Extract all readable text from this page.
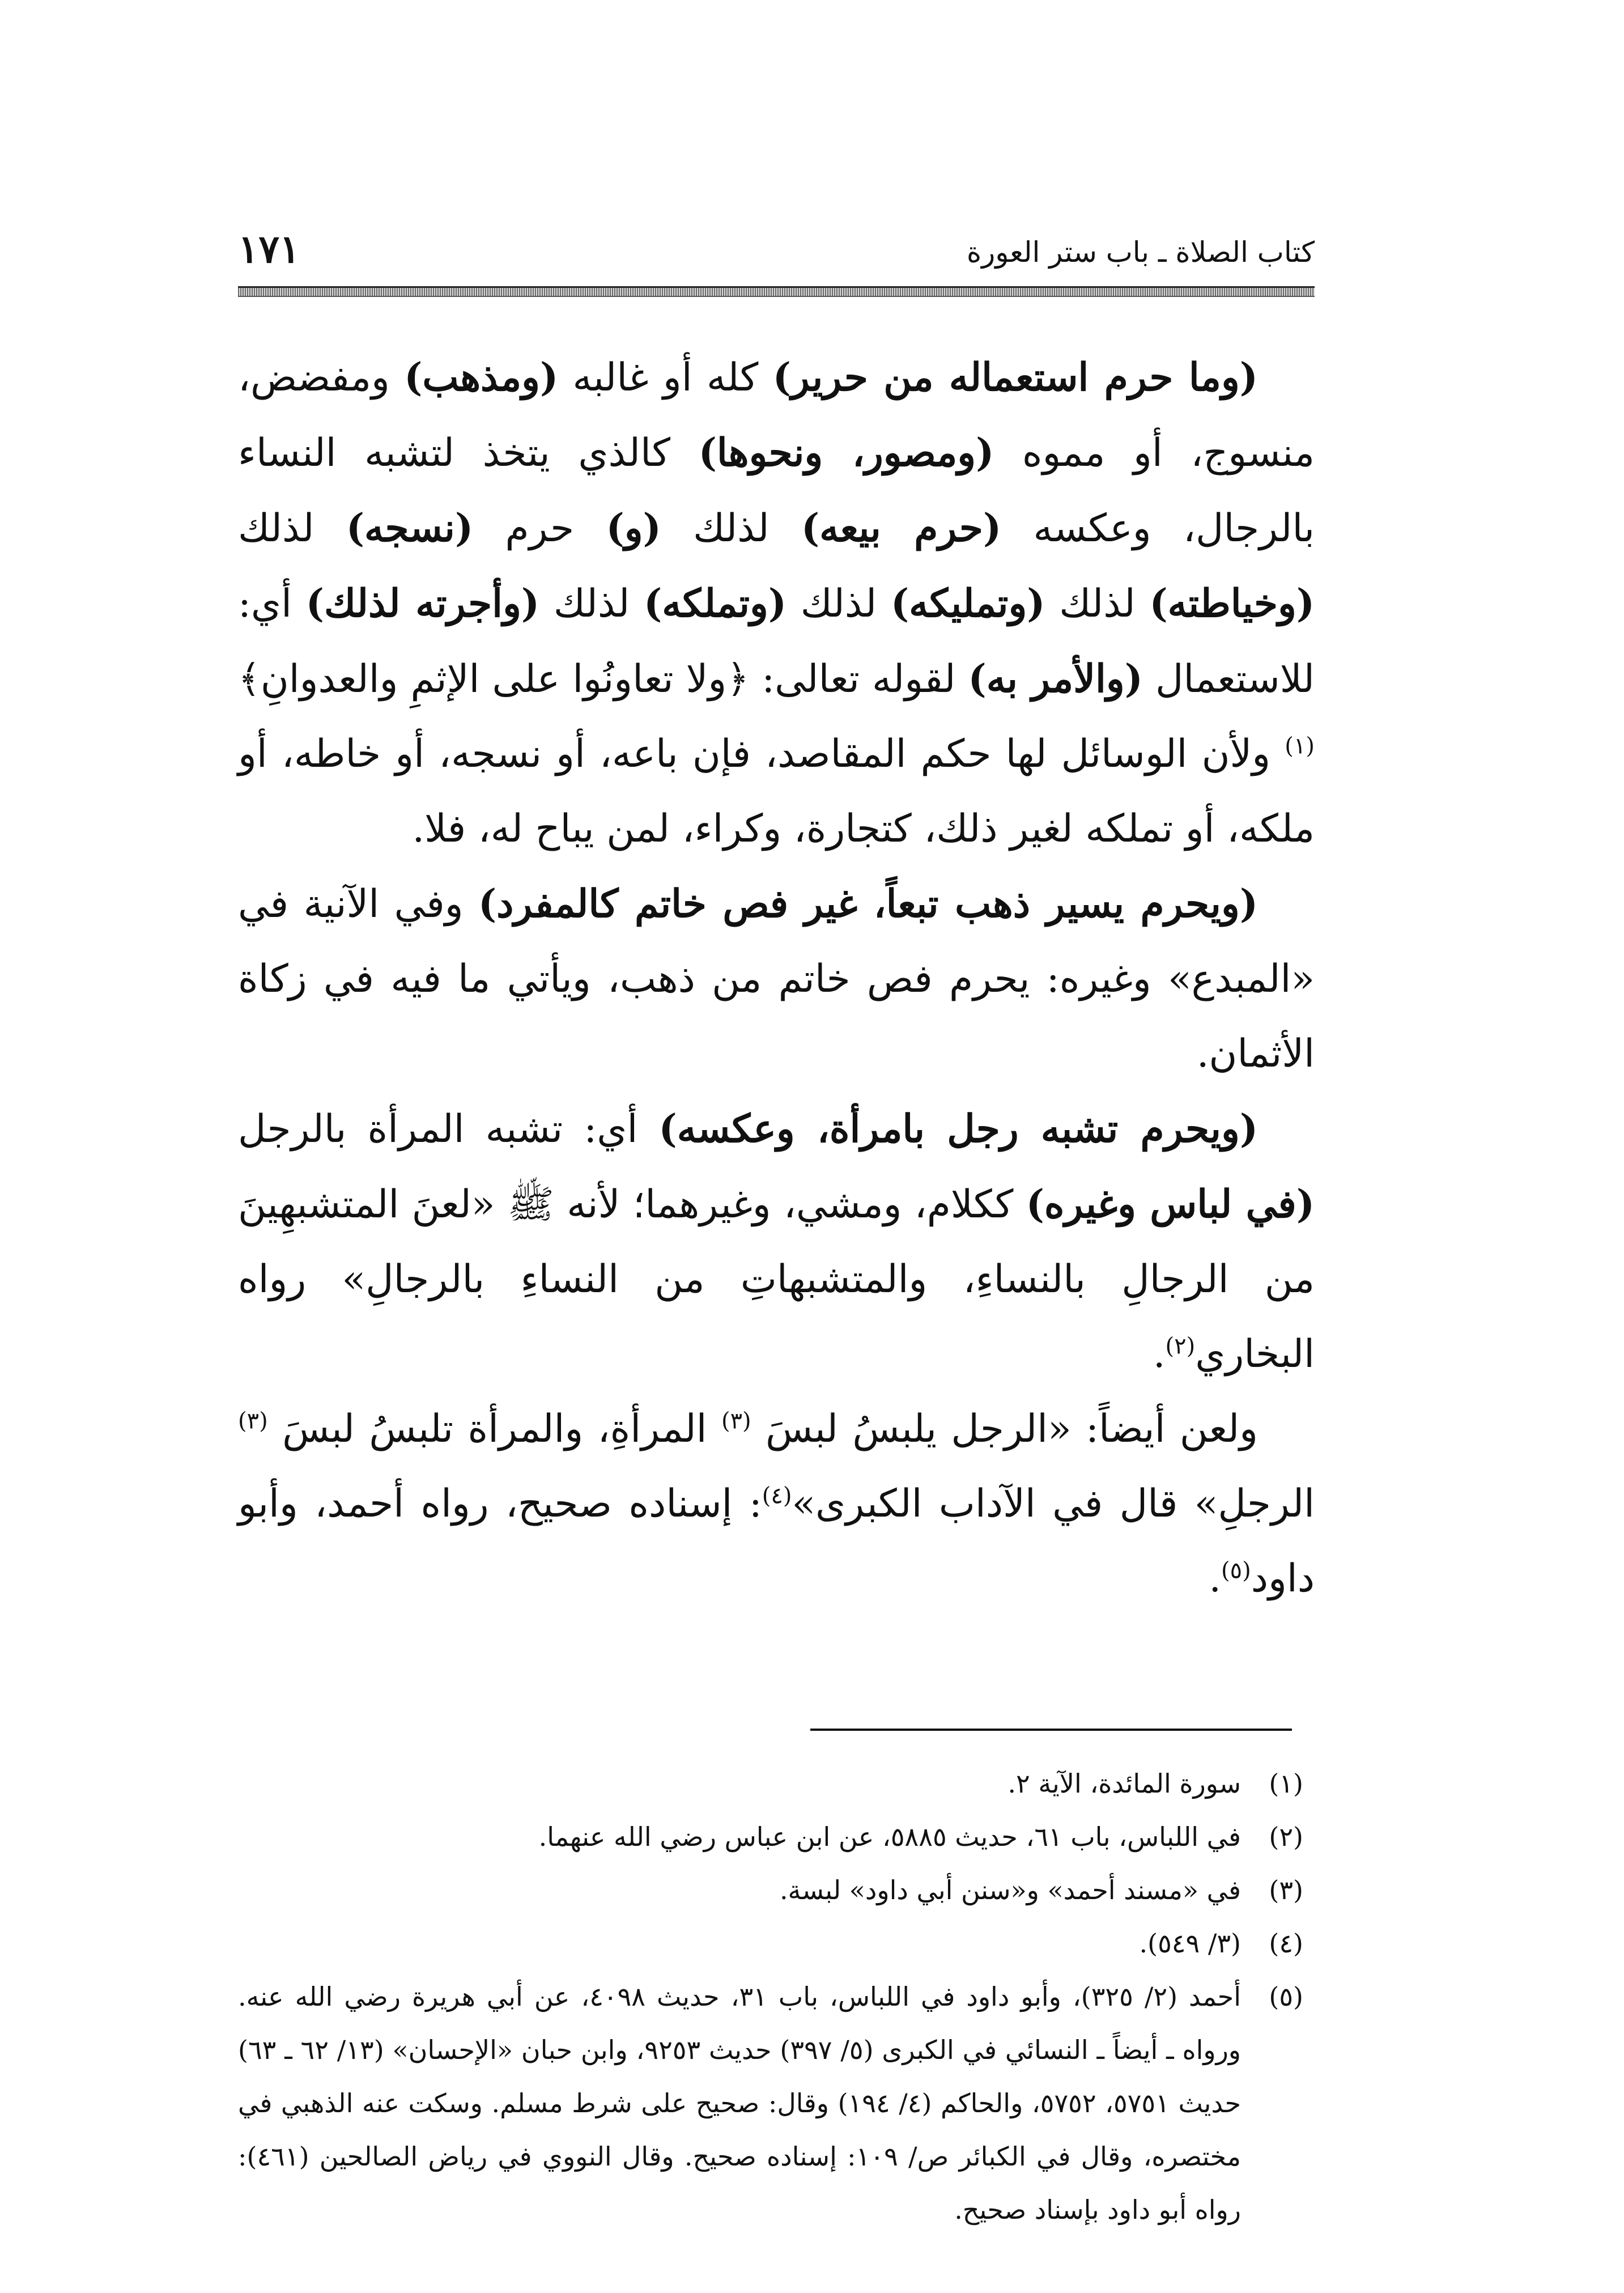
كتاب الصلاة ـ باب ستر العورة
١٧١

(وما حرم استعماله من حرير) كله أو غالبه (ومذهب) ومفضض، منسوج، أو مموه (ومصور، ونحوها) كالذي يتخذ لتشبه النساء بالرجال، وعكسه (حرم بيعه) لذلك (و) حرم (نسجه) لذلك (وخياطته) لذلك (وتمليكه) لذلك (وتملكه) لذلك (وأجرته لذلك) أي: للاستعمال (والأمر به) لقوله تعالى: ﴿ولا تعاونُوا على الإثمِ والعدوانِ﴾$^{(١)}$ ولأن الوسائل لها حكم المقاصد، فإن باعه، أو نسجه، أو خاطه، أو ملكه، أو تملكه لغير ذلك، كتجارة، وكراء، لمن يباح له، فلا.

(ويحرم يسير ذهب تبعاً، غير فص خاتم كالمفرد) وفي الآنية في «المبدع» وغيره: يحرم فص خاتم من ذهب، ويأتي ما فيه في زكاة الأثمان.

(ويحرم تشبه رجل بامرأة، وعكسه) أي: تشبه المرأة بالرجل (في لباس وغيره) ككلام، ومشي، وغيرهما؛ لأنه ﷺ «لعنَ المتشبهِينَ من الرجالِ بالنساءِ، والمتشبهاتِ من النساءِ بالرجالِ» رواه البخاري$^{(٢)}$.

ولعن أيضاً: «الرجل يلبسُ لبسَ $^{(٣)}$ المرأةِ، والمرأة تلبسُ لبسَ $^{(٣)}$ الرجلِ» قال في الآداب الكبرى»$^{(٤)}$: إسناده صحيح، رواه أحمد، وأبو داود$^{(٥)}$.

(١)
سورة المائدة، الآية ٢.
(٢)
في اللباس، باب ٦١، حديث ٥٨٨٥، عن ابن عباس رضي الله عنهما.
(٣)
في «مسند أحمد» و«سنن أبي داود» لبسة.
(٤)
(٣/ ٥٤٩).
(٥)
أحمد (٢/ ٣٢٥)، وأبو داود في اللباس، باب ٣١، حديث ٤٠٩٨، عن أبي هريرة رضي الله عنه. ورواه ـ أيضاً ـ النسائي في الكبرى (٥/ ٣٩٧) حديث ٩٢٥٣، وابن حبان «الإحسان» (١٣/ ٦٢ ـ ٦٣) حديث ٥٧٥١، ٥٧٥٢، والحاكم (٤/ ١٩٤) وقال: صحيح على شرط مسلم. وسكت عنه الذهبي في مختصره، وقال في الكبائر ص/ ١٠٩: إسناده صحيح. وقال النووي في رياض الصالحين (٤٦١): رواه أبو داود بإسناد صحيح.
